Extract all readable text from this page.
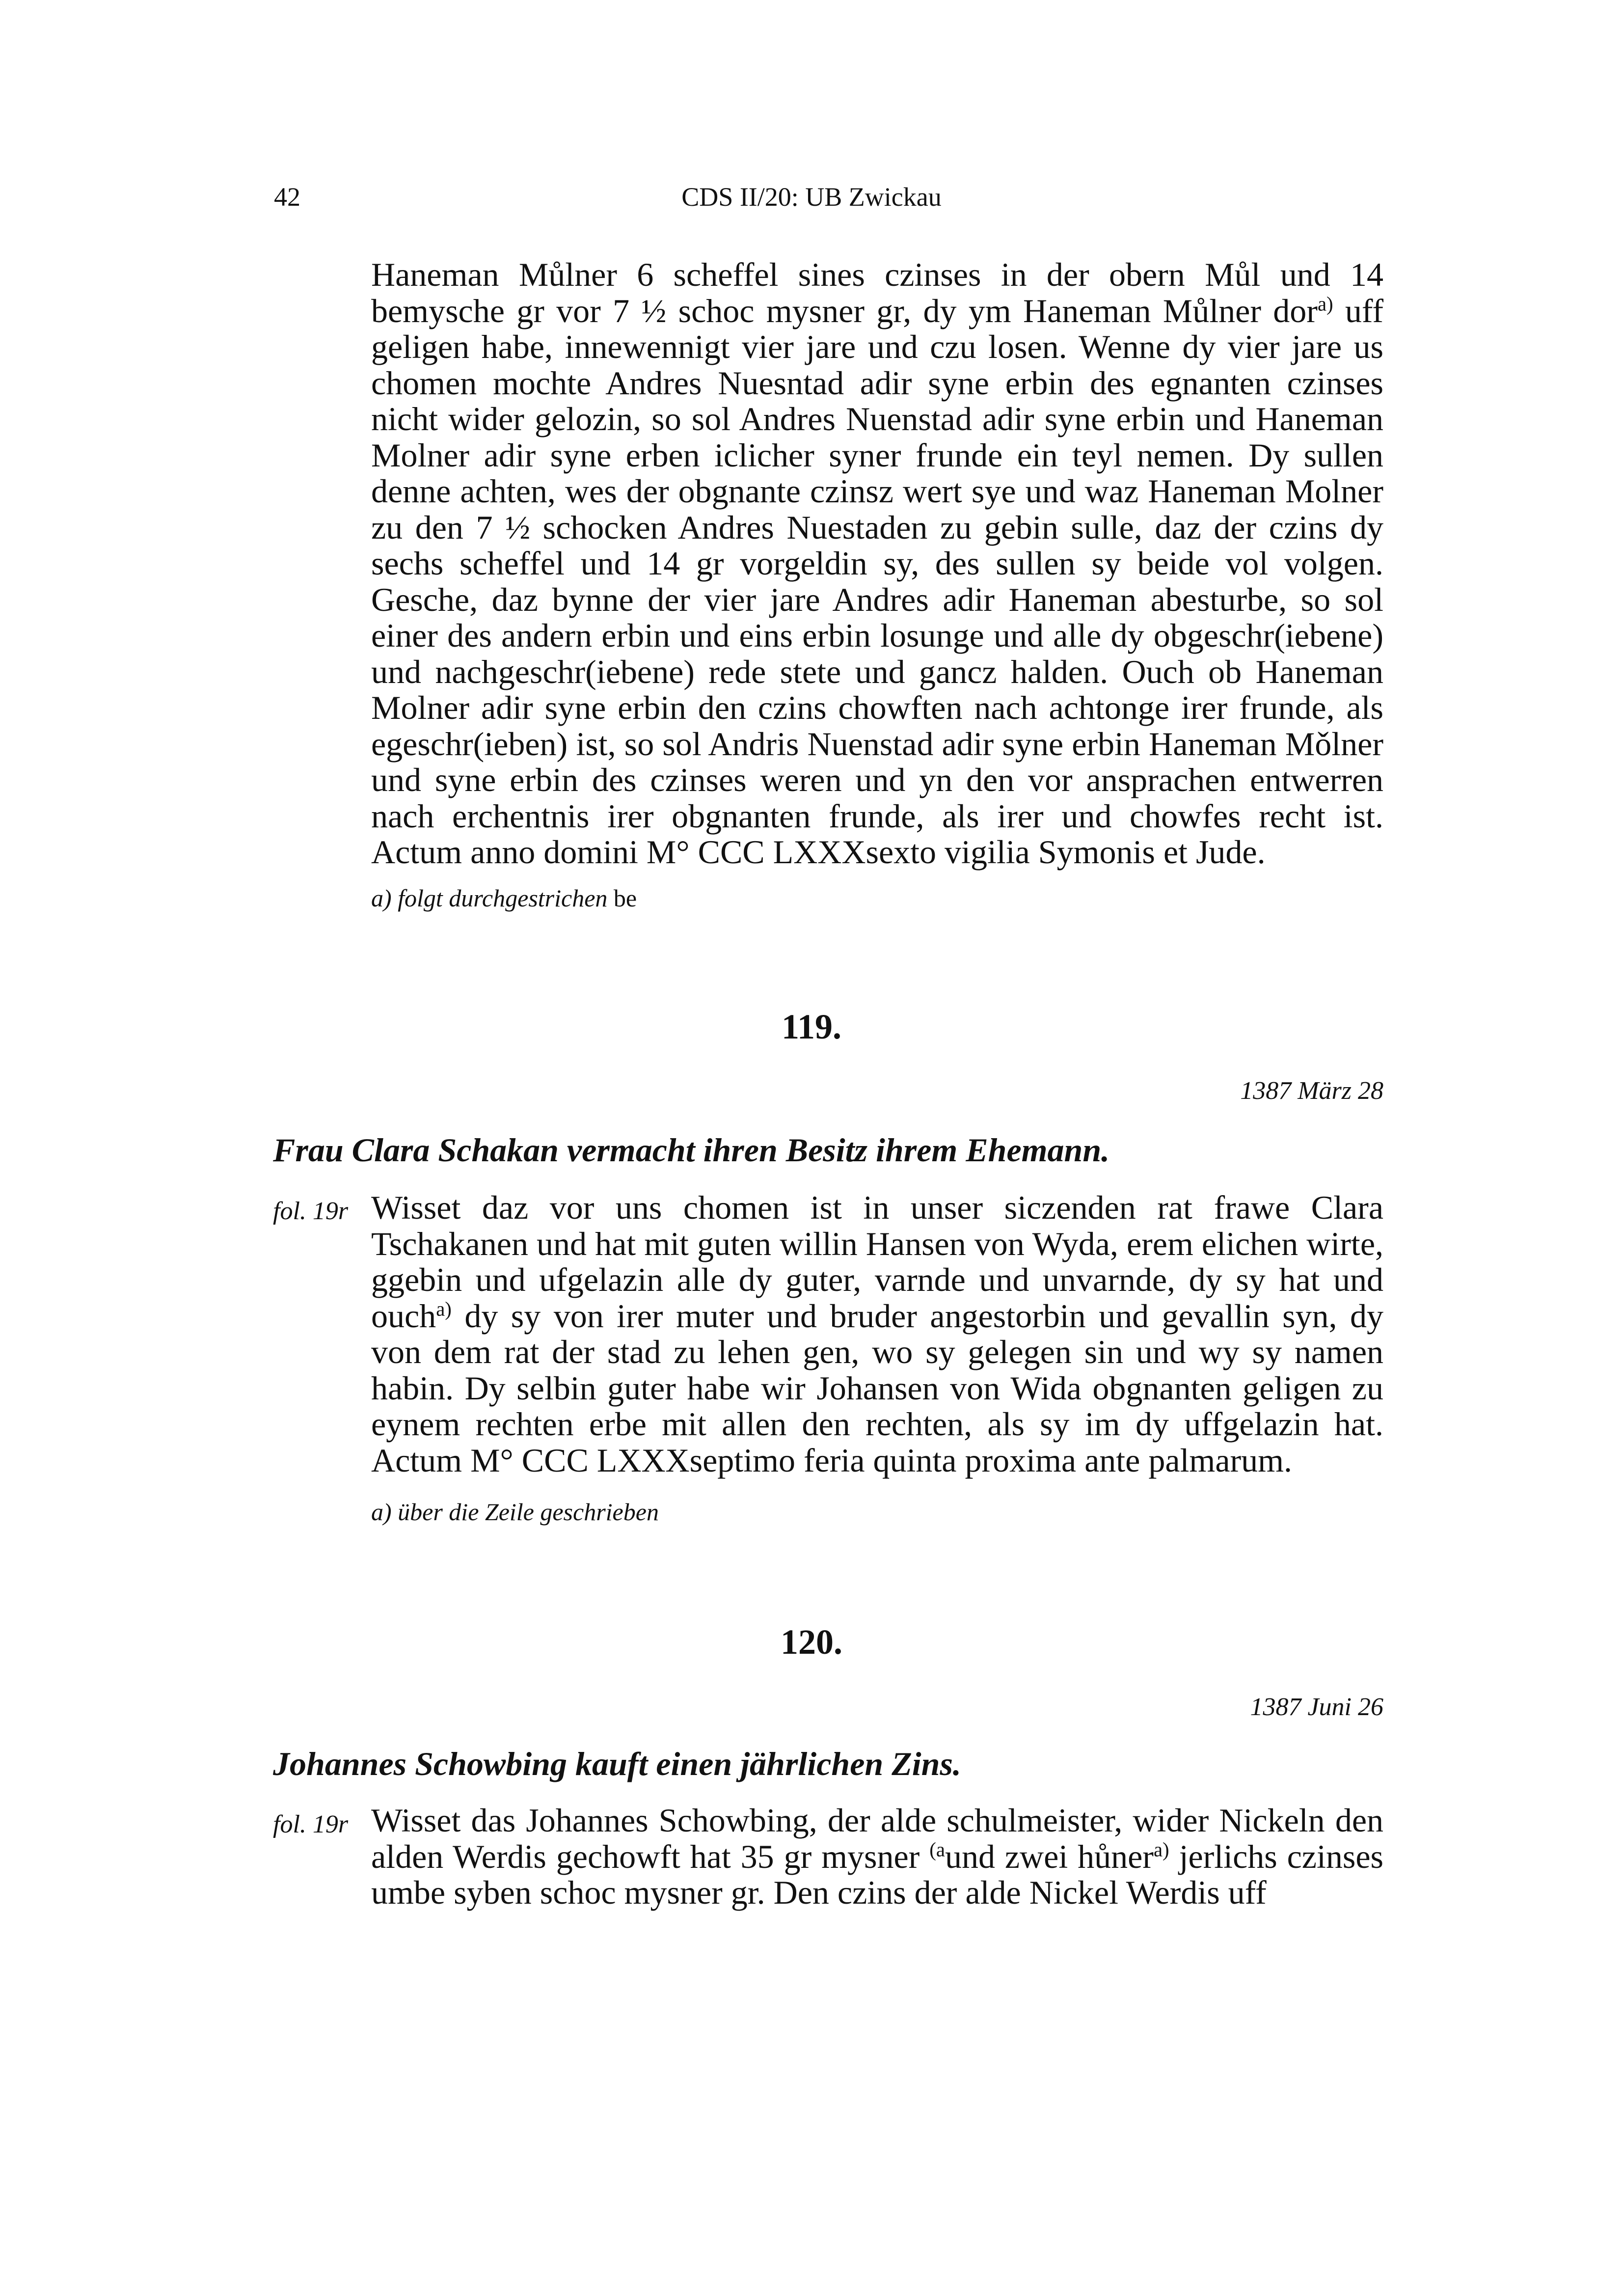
42	CDS II/20: UB Zwickau

Haneman Můlner 6 scheffel sines czinses in der obern Můl und 14 bemysche gr vor 7 ½ schoc mysner gr, dy ym Haneman Můlner dor$^{a)}$ uff geligen habe, innewennigt vier jare und czu losen. Wenne dy vier jare us chomen mochte Andres Nuesntad adir syne erbin des egnanten czinses nicht wider gelozin, so sol Andres Nuenstad adir syne erbin und Haneman Molner adir syne erben iclicher syner frunde ein teyl nemen. Dy sullen denne achten, wes der obgnante czinsz wert sye und waz Haneman Molner zu den 7 ½ schocken Andres Nuestaden zu gebin sulle, daz der czins dy sechs scheffel und 14 gr vorgeldin sy, des sullen sy beide vol volgen. Gesche, daz bynne der vier jare Andres adir Haneman abesturbe, so sol einer des andern erbin und eins erbin losunge und alle dy obgeschr(iebene) und nachgeschr(iebene) rede stete und gancz halden. Ouch ob Haneman Molner adir syne erbin den czins chowften nach achtonge irer frunde, als egeschr(ieben) ist, so sol Andris Nuenstad adir syne erbin Haneman Mǒlner und syne erbin des czinses weren und yn den vor ansprachen entwerren nach erchentnis irer obgnanten frunde, als irer und chowfes recht ist. Actum anno domini M° CCC LXXXsexto vigilia Symonis et Jude.

a) folgt durchgestrichen be
119.
1387 März 28
Frau Clara Schakan vermacht ihren Besitz ihrem Ehemann.
fol. 19r Wisset daz vor uns chomen ist in unser siczenden rat frawe Clara Tschakanen und hat mit guten willin Hansen von Wyda, erem elichen wirte, ggebin und ufgelazin alle dy guter, varnde und unvarnde, dy sy hat und ouch$^{a)}$ dy sy von irer muter und bruder angestorbin und gevallin syn, dy von dem rat der stad zu lehen gen, wo sy gelegen sin und wy sy namen habin. Dy selbin guter habe wir Johansen von Wida obgnanten geligen zu eynem rechten erbe mit allen den rechten, als sy im dy uffgelazin hat. Actum M° CCC LXXXseptimo feria quinta proxima ante palmarum.

a) über die Zeile geschrieben
120.
1387 Juni 26
Johannes Schowbing kauft einen jährlichen Zins.
fol. 19r Wisset das Johannes Schowbing, der alde schulmeister, wider Nickeln den alden Werdis gechowft hat 35 gr mysner $^{(a}$und zwei hůner$^{a)}$ jerlichs czinses umbe syben schoc mysner gr. Den czins der alde Nickel Werdis uff
